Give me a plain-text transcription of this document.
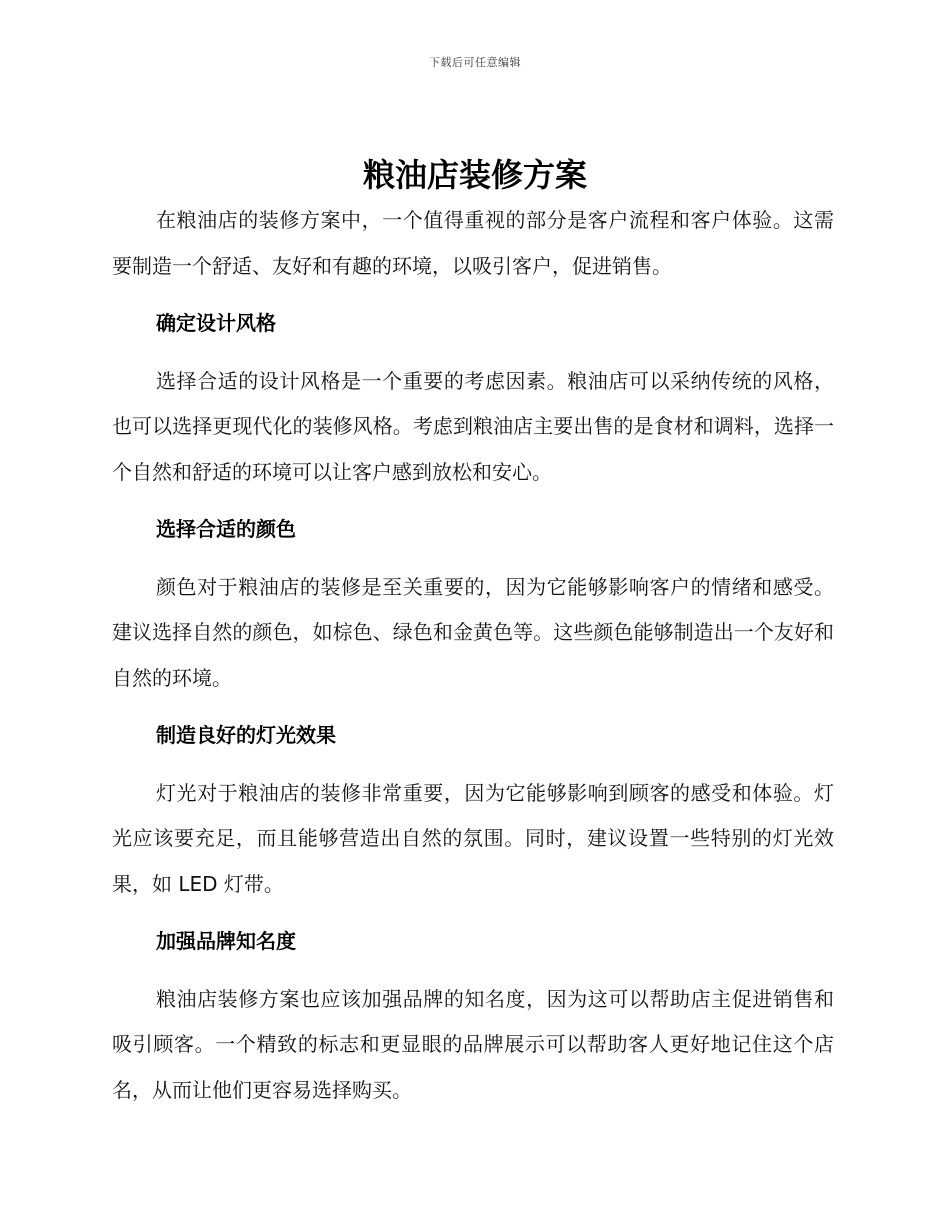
下载后可任意编辑
粮油店装修方案

在粮油店的装修方案中，一个值得重视的部分是客户流程和客户体验。这需要制造一个舒适、友好和有趣的环境，以吸引客户，促进销售。

确定设计风格

选择合适的设计风格是一个重要的考虑因素。粮油店可以采纳传统的风格，也可以选择更现代化的装修风格。考虑到粮油店主要出售的是食材和调料，选择一个自然和舒适的环境可以让客户感到放松和安心。

选择合适的颜色

颜色对于粮油店的装修是至关重要的，因为它能够影响客户的情绪和感受。建议选择自然的颜色，如棕色、绿色和金黄色等。这些颜色能够制造出一个友好和自然的环境。

制造良好的灯光效果

灯光对于粮油店的装修非常重要，因为它能够影响到顾客的感受和体验。灯光应该要充足，而且能够营造出自然的氛围。同时，建议设置一些特别的灯光效果，如 LED 灯带。

加强品牌知名度

粮油店装修方案也应该加强品牌的知名度，因为这可以帮助店主促进销售和吸引顾客。一个精致的标志和更显眼的品牌展示可以帮助客人更好地记住这个店名，从而让他们更容易选择购买。
